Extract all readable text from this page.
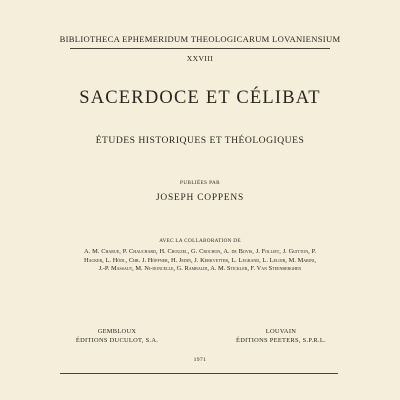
BIBLIOTHECA EPHEMERIDUM THEOLOGICARUM LOVANIENSIUM
XXVIII
SACERDOCE ET CÉLIBAT
ÉTUDES HISTORIQUES ET THÉOLOGIQUES
PUBLIÉES PAR
JOSEPH COPPENS
AVEC LA COLLABORATION DE
A. M. Charue, P. Chauchard, H. Crouzel, G. Crochon, A. de Bovis, J. Folliet, J. Guitton, P. Hacker, L. Hödl, Chr. J. Höffner, H. Jedin, J. Kerkvetter, L. Legrand, L. Leloir, M. Marini, J.-P. Massaut, M. Ni-doncelle, G. Rambaldi, A. M. Stickler, F. Van Steenberghen
GEMBLOUX
ÉDITIONS DUCULOT, S.A.
LOUVAIN
ÉDITIONS PEETERS, S.P.R.L.
1971
